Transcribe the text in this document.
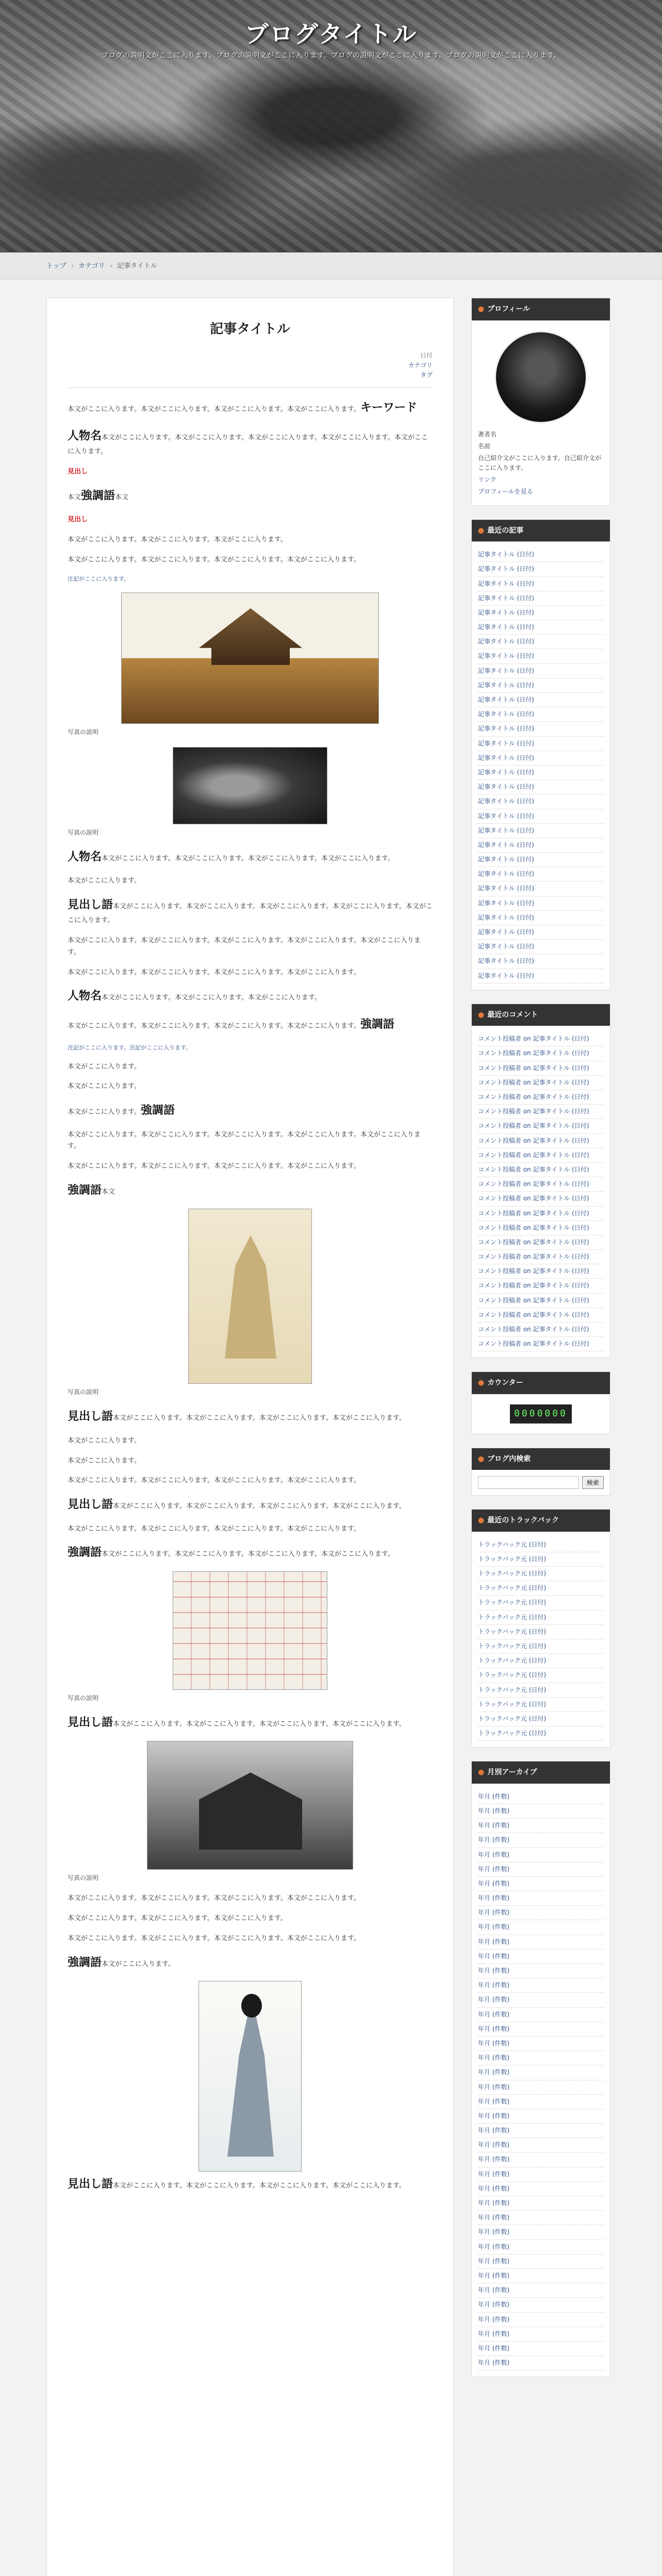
ブログタイトル
ブログの説明文がここに入ります。ブログの説明文がここに入ります。ブログの説明文がここに入ります。ブログの説明文がここに入ります。
トップ › カテゴリ › 記事タイトル
記事タイトル
日付
カテゴリ
タグ

本文がここに入ります。本文がここに入ります。本文がここに入ります。本文がここに入ります。キーワード

人物名本文がここに入ります。本文がここに入ります。本文がここに入ります。本文がここに入ります。本文がここに入ります。

見出し

本文強調語本文

見出し

本文がここに入ります。本文がここに入ります。本文がここに入ります。

本文がここに入ります。本文がここに入ります。本文がここに入ります。本文がここに入ります。

注記がここに入ります。

写真の説明
写真の説明

人物名本文がここに入ります。本文がここに入ります。本文がここに入ります。本文がここに入ります。

本文がここに入ります。

見出し語本文がここに入ります。本文がここに入ります。本文がここに入ります。本文がここに入ります。本文がここに入ります。

本文がここに入ります。本文がここに入ります。本文がここに入ります。本文がここに入ります。本文がここに入ります。

本文がここに入ります。本文がここに入ります。本文がここに入ります。本文がここに入ります。

人物名本文がここに入ります。本文がここに入ります。本文がここに入ります。

本文がここに入ります。本文がここに入ります。本文がここに入ります。本文がここに入ります。強調語

注記がここに入ります。注記がここに入ります。

本文がここに入ります。

本文がここに入ります。

本文がここに入ります。強調語

本文がここに入ります。本文がここに入ります。本文がここに入ります。本文がここに入ります。本文がここに入ります。

本文がここに入ります。本文がここに入ります。本文がここに入ります。本文がここに入ります。

強調語本文

写真の説明

見出し語本文がここに入ります。本文がここに入ります。本文がここに入ります。本文がここに入ります。

本文がここに入ります。

本文がここに入ります。

本文がここに入ります。本文がここに入ります。本文がここに入ります。本文がここに入ります。

見出し語本文がここに入ります。本文がここに入ります。本文がここに入ります。本文がここに入ります。

本文がここに入ります。本文がここに入ります。本文がここに入ります。本文がここに入ります。

強調語本文がここに入ります。本文がここに入ります。本文がここに入ります。本文がここに入ります。

写真の説明

見出し語本文がここに入ります。本文がここに入ります。本文がここに入ります。本文がここに入ります。

写真の説明

本文がここに入ります。本文がここに入ります。本文がここに入ります。本文がここに入ります。

本文がここに入ります。本文がここに入ります。本文がここに入ります。

本文がここに入ります。本文がここに入ります。本文がここに入ります。本文がここに入ります。

強調語本文がここに入ります。

見出し語本文がここに入ります。本文がここに入ります。本文がここに入ります。本文がここに入ります。

● プロフィール
著者名
名前
自己紹介文がここに入ります。自己紹介文がここに入ります。
リンク
プロフィールを見る
● 最近の記事
記事タイトル (日付)
記事タイトル (日付)
記事タイトル (日付)
記事タイトル (日付)
記事タイトル (日付)
記事タイトル (日付)
記事タイトル (日付)
記事タイトル (日付)
記事タイトル (日付)
記事タイトル (日付)
記事タイトル (日付)
記事タイトル (日付)
記事タイトル (日付)
記事タイトル (日付)
記事タイトル (日付)
記事タイトル (日付)
記事タイトル (日付)
記事タイトル (日付)
記事タイトル (日付)
記事タイトル (日付)
記事タイトル (日付)
記事タイトル (日付)
記事タイトル (日付)
記事タイトル (日付)
記事タイトル (日付)
記事タイトル (日付)
記事タイトル (日付)
記事タイトル (日付)
記事タイトル (日付)
記事タイトル (日付)
● 最近のコメント
コメント投稿者 on 記事タイトル (日付)
コメント投稿者 on 記事タイトル (日付)
コメント投稿者 on 記事タイトル (日付)
コメント投稿者 on 記事タイトル (日付)
コメント投稿者 on 記事タイトル (日付)
コメント投稿者 on 記事タイトル (日付)
コメント投稿者 on 記事タイトル (日付)
コメント投稿者 on 記事タイトル (日付)
コメント投稿者 on 記事タイトル (日付)
コメント投稿者 on 記事タイトル (日付)
コメント投稿者 on 記事タイトル (日付)
コメント投稿者 on 記事タイトル (日付)
コメント投稿者 on 記事タイトル (日付)
コメント投稿者 on 記事タイトル (日付)
コメント投稿者 on 記事タイトル (日付)
コメント投稿者 on 記事タイトル (日付)
コメント投稿者 on 記事タイトル (日付)
コメント投稿者 on 記事タイトル (日付)
コメント投稿者 on 記事タイトル (日付)
コメント投稿者 on 記事タイトル (日付)
コメント投稿者 on 記事タイトル (日付)
コメント投稿者 on 記事タイトル (日付)
● カウンター
0000000
● ブログ内検索
検索
● 最近のトラックバック
トラックバック元 (日付)
トラックバック元 (日付)
トラックバック元 (日付)
トラックバック元 (日付)
トラックバック元 (日付)
トラックバック元 (日付)
トラックバック元 (日付)
トラックバック元 (日付)
トラックバック元 (日付)
トラックバック元 (日付)
トラックバック元 (日付)
トラックバック元 (日付)
トラックバック元 (日付)
トラックバック元 (日付)
● 月別アーカイブ
年月 (件数)
年月 (件数)
年月 (件数)
年月 (件数)
年月 (件数)
年月 (件数)
年月 (件数)
年月 (件数)
年月 (件数)
年月 (件数)
年月 (件数)
年月 (件数)
年月 (件数)
年月 (件数)
年月 (件数)
年月 (件数)
年月 (件数)
年月 (件数)
年月 (件数)
年月 (件数)
年月 (件数)
年月 (件数)
年月 (件数)
年月 (件数)
年月 (件数)
年月 (件数)
年月 (件数)
年月 (件数)
年月 (件数)
年月 (件数)
年月 (件数)
年月 (件数)
年月 (件数)
年月 (件数)
年月 (件数)
年月 (件数)
年月 (件数)
年月 (件数)
年月 (件数)
年月 (件数)
